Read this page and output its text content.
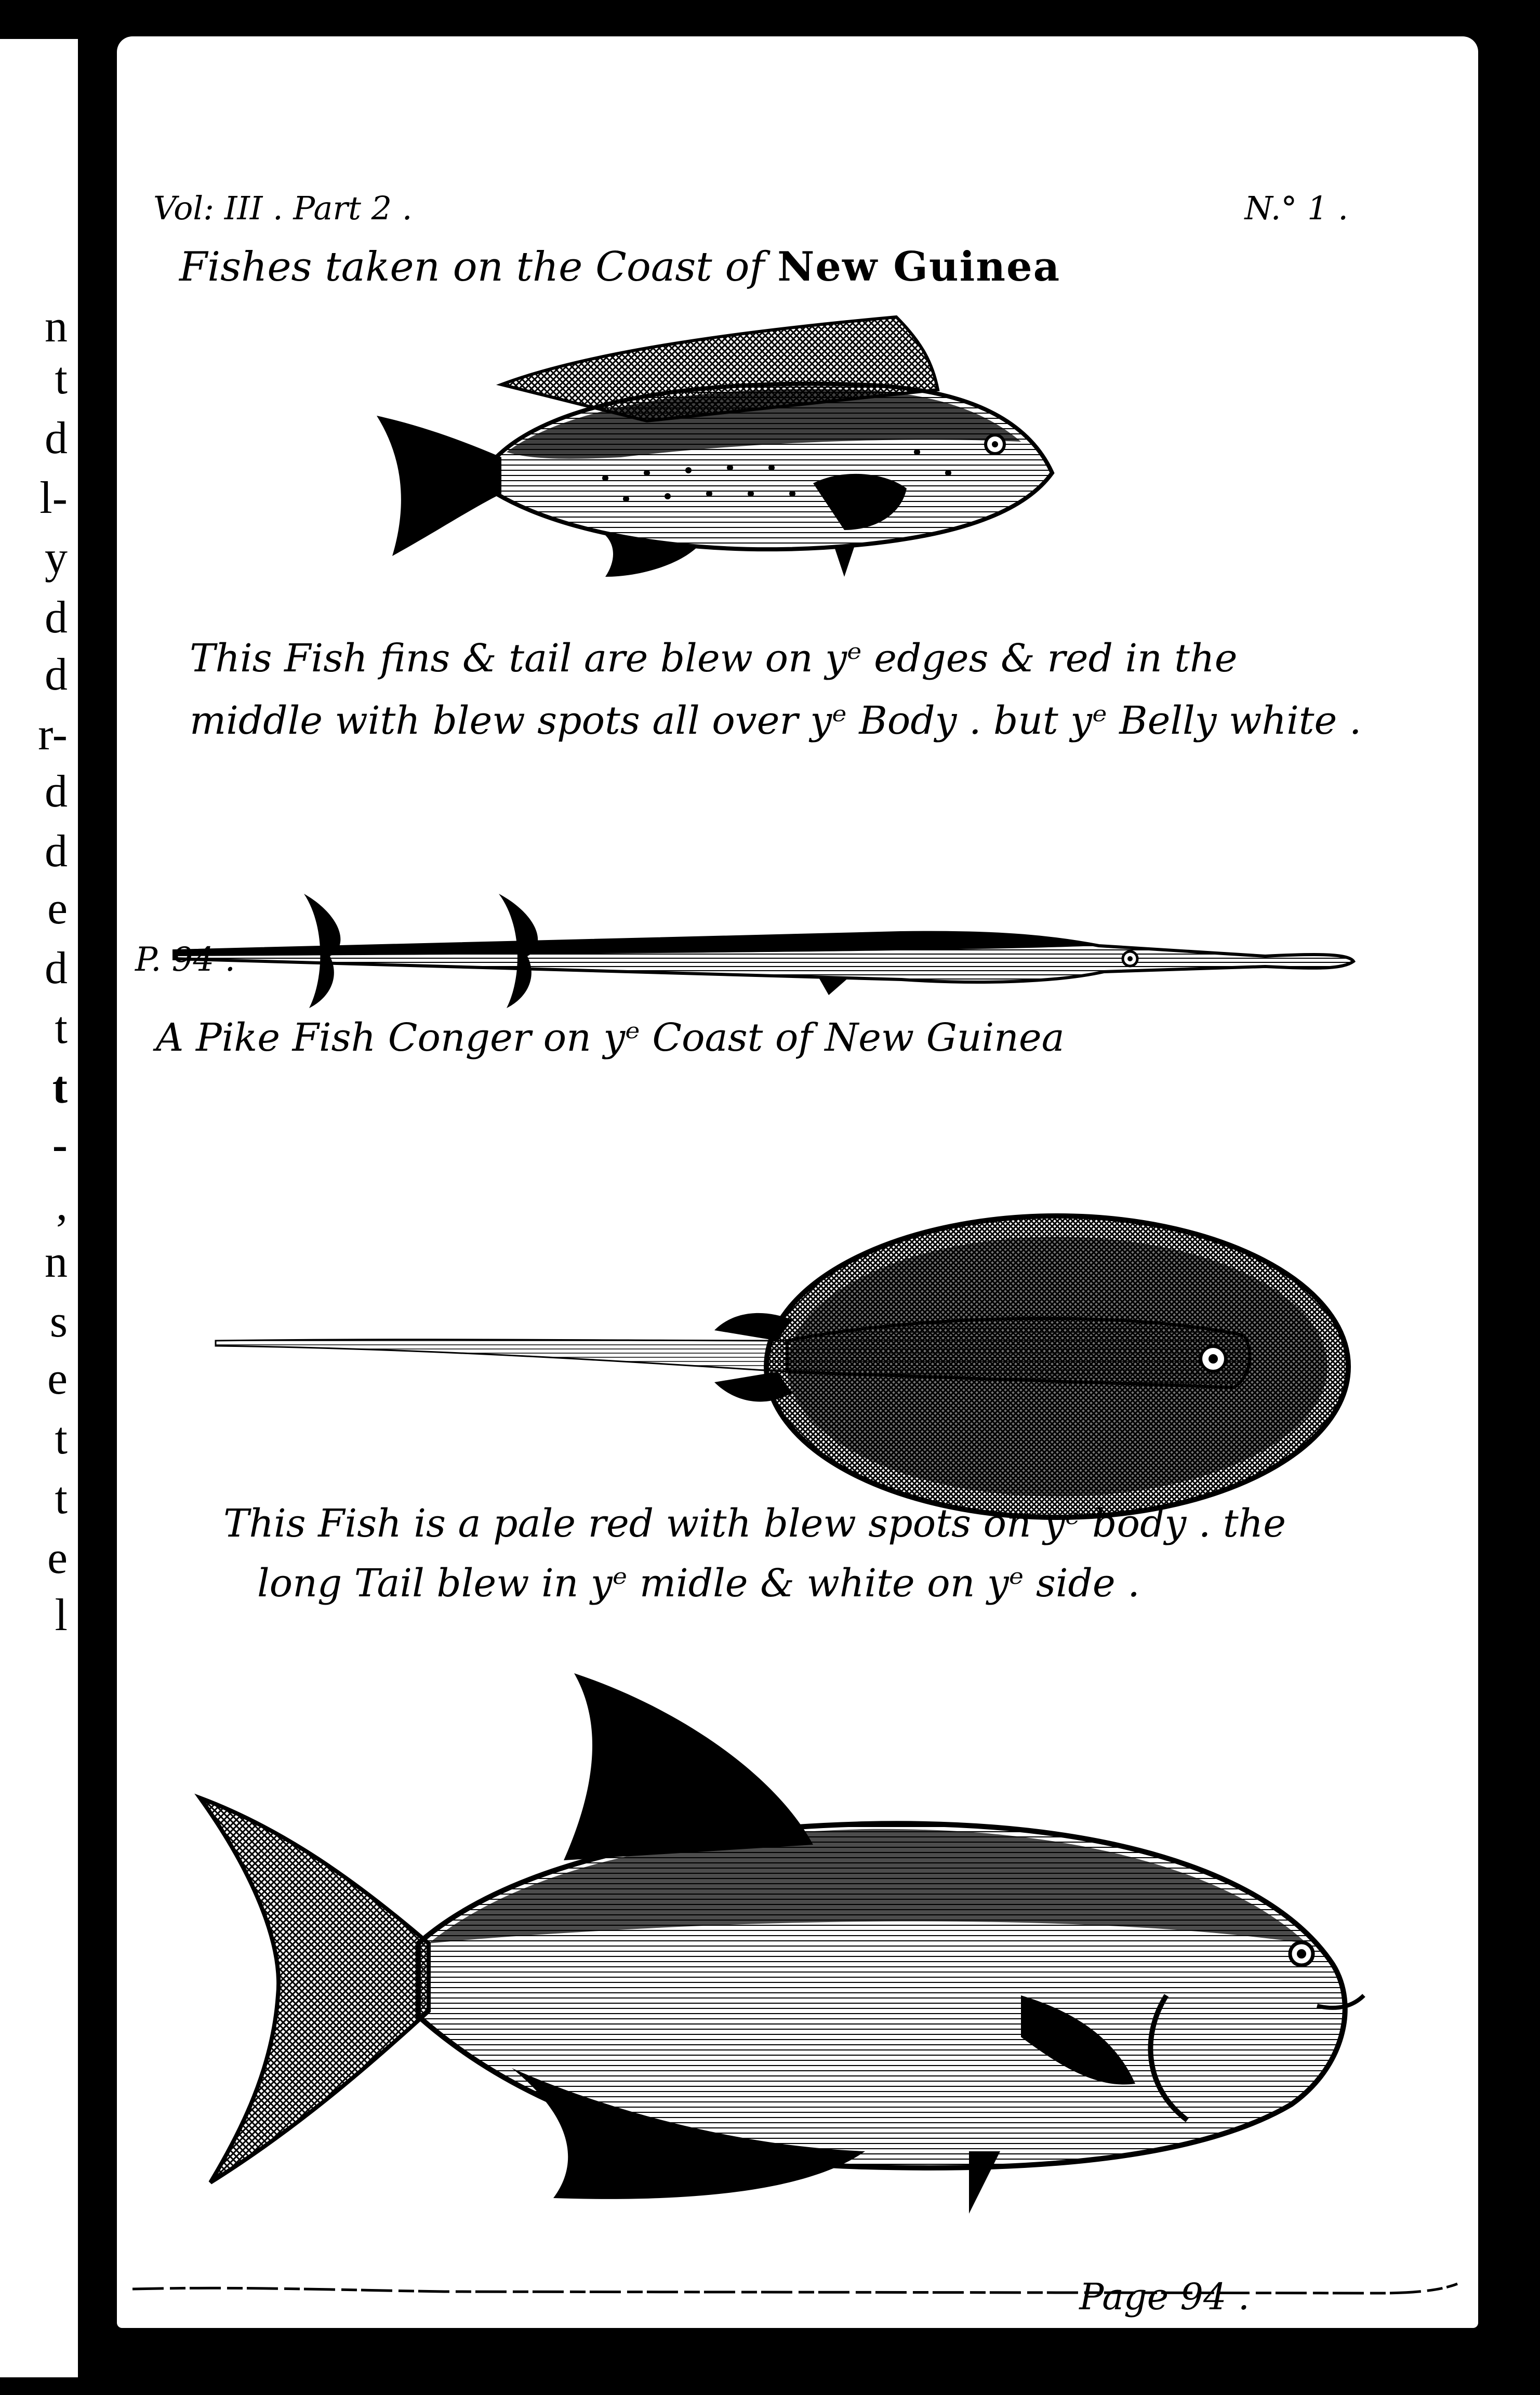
n
t
d
l-
y
d
d
r-
d
d
e
d
t
t
-
,
n
s
e
t
t
e
l
Vol: III . Part 2 .	N.° 1 .
Fishes taken on the Coast of New Guinea
This Fish fins & tail are blew on yᵉ edges & red in the
middle with blew spots all over yᵉ Body . but yᵉ Belly white .
P. 94 .
A Pike Fish Conger on yᵉ Coast of New Guinea
This Fish is a pale red with blew spots on yᵉ body . the
long Tail blew in yᵉ midle & white on yᵉ side .
Page 94 .
